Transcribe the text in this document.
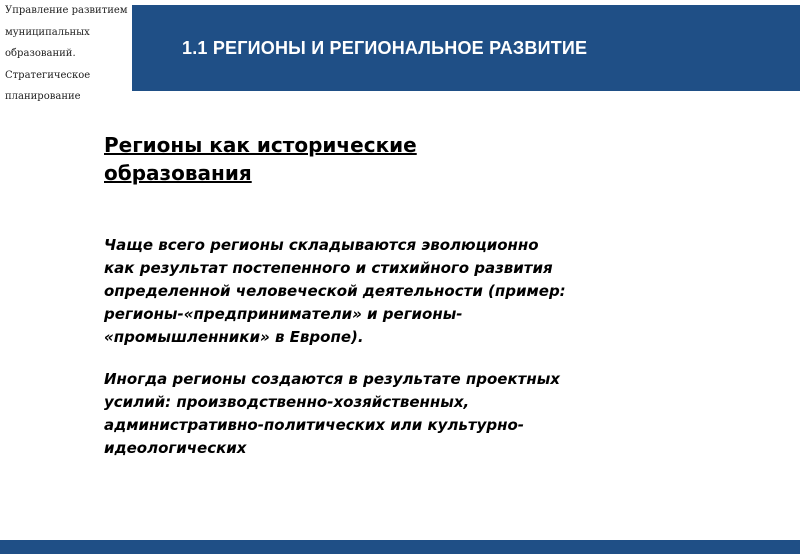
Управление развитием
муниципальных
образований.
Стратегическое
планирование
1.1 РЕГИОНЫ И РЕГИОНАЛЬНОЕ РАЗВИТИЕ
Регионы как исторические
образования
Чаще всего регионы складываются эволюционно
как результат постепенного и стихийного развития
определенной человеческой деятельности (пример:
регионы-«предприниматели» и регионы-
«промышленники» в Европе).
Иногда регионы создаются в результате проектных
усилий: производственно-хозяйственных,
административно-политических или культурно-
идеологических
